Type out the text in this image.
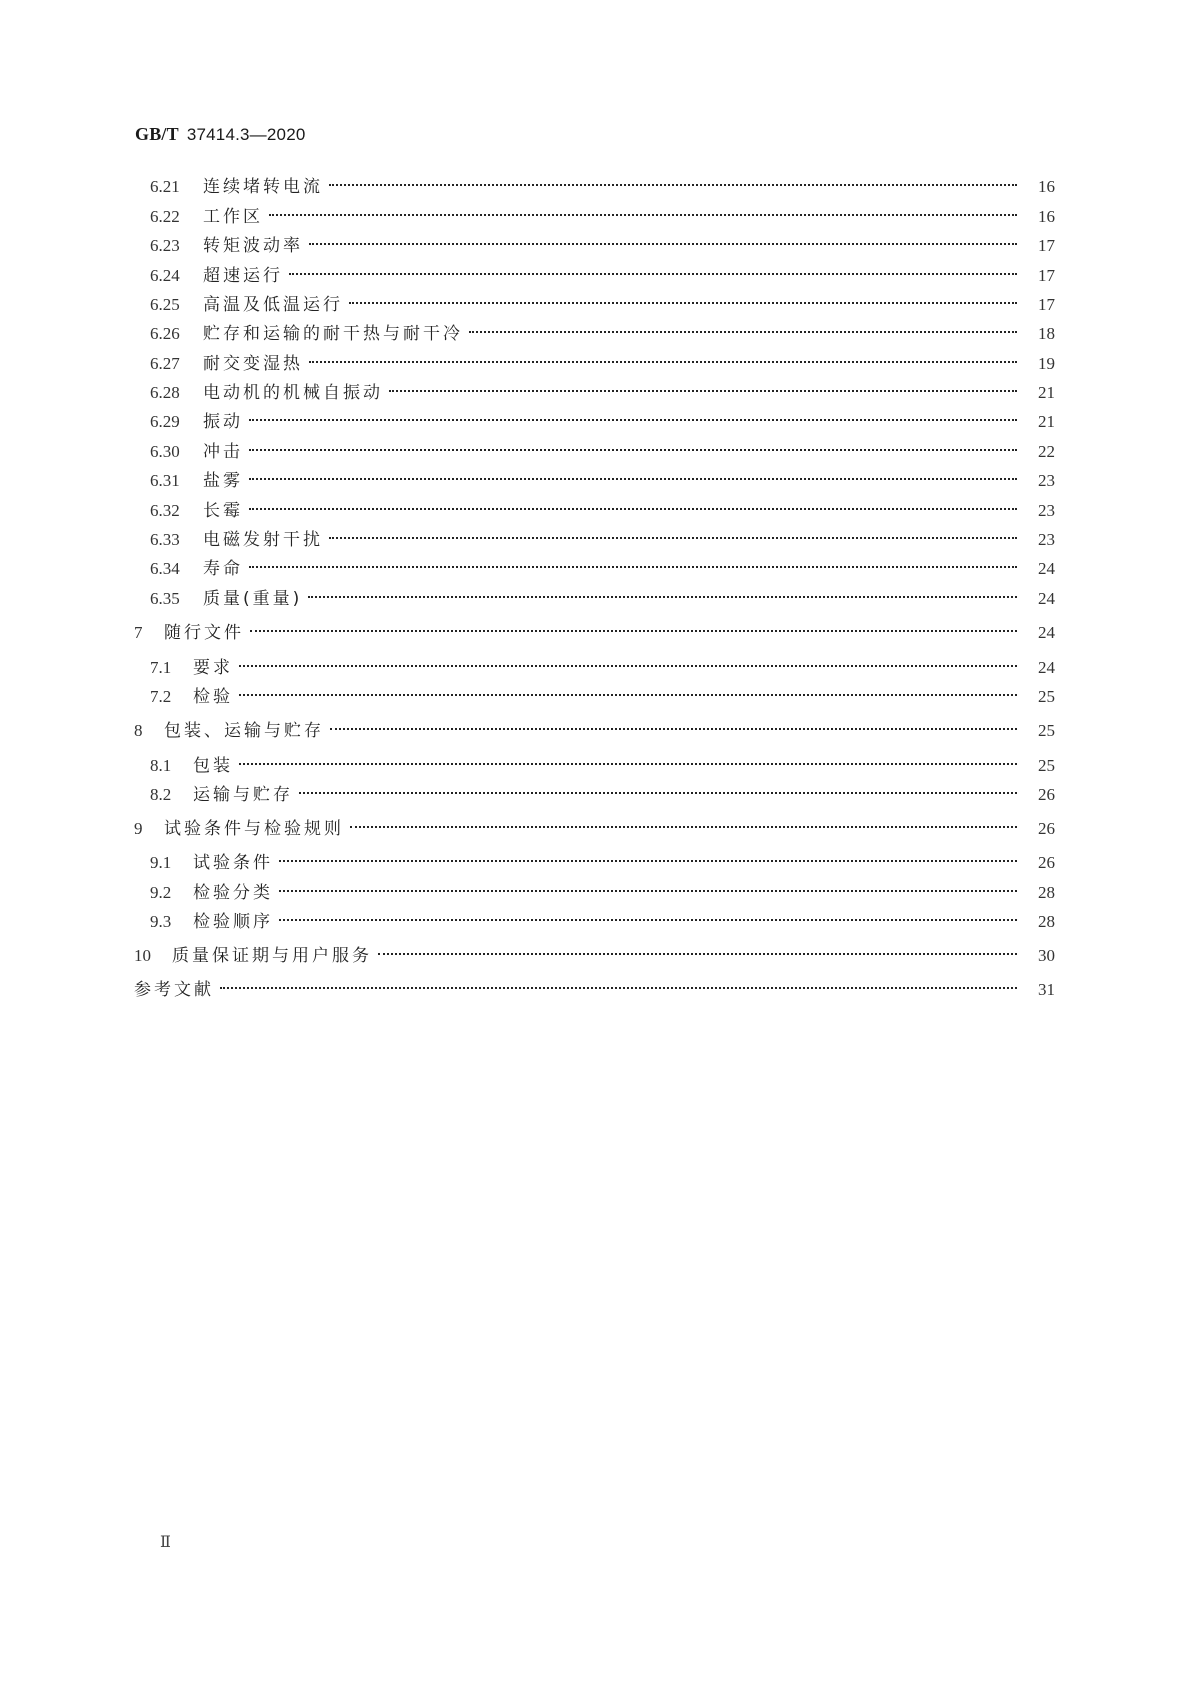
GB/T 37414.3—2020
6.21	连续堵转电流	16
6.22	工作区	16
6.23	转矩波动率	17
6.24	超速运行	17
6.25	高温及低温运行	17
6.26	贮存和运输的耐干热与耐干冷	18
6.27	耐交变湿热	19
6.28	电动机的机械自振动	21
6.29	振动	21
6.30	冲击	22
6.31	盐雾	23
6.32	长霉	23
6.33	电磁发射干扰	23
6.34	寿命	24
6.35	质量(重量)	24
7	随行文件	24
7.1	要求	24
7.2	检验	25
8	包装、运输与贮存	25
8.1	包装	25
8.2	运输与贮存	26
9	试验条件与检验规则	26
9.1	试验条件	26
9.2	检验分类	28
9.3	检验顺序	28
10	质量保证期与用户服务	30
参考文献	31
Ⅱ
